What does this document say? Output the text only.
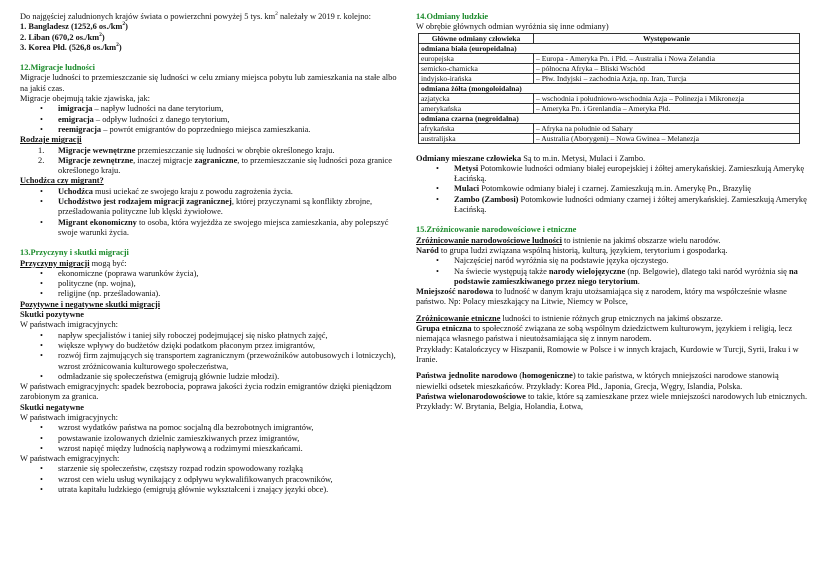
Do najgęściej zaludnionych krajów świata o powierzchni powyżej 5 tys. $km^2$ należały w 2019 r. kolejno:

1. Bangladesz (1252,6 $os./km^2$)

2. Liban (670,2 $os./km^2$)

3. Korea Płd. (526,8 $os./km^2$)

12.Migracje ludności

Migracje ludności to przemieszczanie się ludności w celu zmiany miejsca pobytu lub zamieszkania na stałe albo na jakiś czas.

Migracje obejmują takie zjawiska, jak:

• imigracja – napływ ludności na dane terytorium,
• emigracja – odpływ ludności z danego terytorium,
• reemigracja – powrót emigrantów do poprzedniego miejsca zamieszkania.

Rodzaje migracji

1. Migracje wewnętrzne przemieszczanie się ludności w obrębie określonego kraju.
2. Migracje zewnętrzne, inaczej migracje zagraniczne, to przemieszczanie się ludności poza granice określonego kraju.

Uchodźca czy migrant?

• Uchodźca musi uciekać ze swojego kraju z powodu zagrożenia życia.
• Uchodźstwo jest rodzajem migracji zagranicznej, której przyczynami są konflikty zbrojne, prześladowania polityczne lub klęski żywiołowe.
• Migrant ekonomiczny to osoba, która wyjeżdża ze swojego miejsca zamieszkania, aby polepszyć swoje warunki życia.

13.Przyczyny i skutki migracji

Przyczyny migracji mogą być:

• ekonomiczne (poprawa warunków życia),
• polityczne (np. wojna),
• religijne (np. prześladowania).

Pozytywne i negatywne skutki migracji

Skutki pozytywne

W państwach imigracyjnych:

• napływ specjalistów i taniej siły roboczej podejmującej się nisko płatnych zajęć,
• większe wpływy do budżetów dzięki podatkom płaconym przez imigrantów,
• rozwój firm zajmujących się transportem zagranicznym (przewoźników autobusowych i lotniczych), wzrost zróżnicowania kulturowego społeczeństwa,
• odmładzanie się społeczeństwa (emigrują głównie ludzie młodzi).

W państwach emigracyjnych: spadek bezrobocia, poprawa jakości życia rodzin emigrantów dzięki pieniądzom zarobionym za granica.

Skutki negatywne

W państwach imigracyjnych:

• wzrost wydatków państwa na pomoc socjalną dla bezrobotnych imigrantów,
• powstawanie izolowanych dzielnic zamieszkiwanych przez imigrantów,
• wzrost napięć między ludnością napływową a rodzimymi mieszkańcami.

W państwach emigracyjnych:

• starzenie się społeczeństw, częstszy rozpad rodzin spowodowany rozłąką
• wzrost cen wielu usług wynikający z odpływu wykwalifikowanych pracowników,
• utrata kapitału ludzkiego (emigrują głównie wykształceni i znający języki obce).

14.Odmiany ludzkie

W obrębie głównych odmian wyróżnia się inne odmiany)

Główne odmiany człowieka	Występowanie
odmiana biała (europeidalna)	
europejska	– Europa - Ameryka Pn. i Płd. – Australia i Nowa Zelandia
semicko-chamicka	– północna Afryka – Bliski Wschód
indyjsko-irańska	– Płw. Indyjski – zachodnia Azja, np. Iran, Turcja
odmiana żółta (mongoloidalna)	
azjatycka	– wschodnia i południowo-wschodnia Azja – Polinezja i Mikronezja
amerykańska	– Ameryka Pn. i Grenlandia – Ameryka Płd.
odmiana czarna (negroidalna)	
afrykańska	– Afryka na południe od Sahary
australijska	– Australia (Aborygeni) – Nowa Gwinea – Melanezja

Odmiany mieszane człowieka Są to m.in. Metysi, Mulaci i Zambo.

• Metysi Potomkowie ludności odmiany białej europejskiej i żółtej amerykańskiej. Zamieszkują Amerykę Łacińską.
• Mulaci Potomkowie odmiany białej i czarnej. Zamieszkują m.in. Amerykę Pn., Brazylię
• Zambo (Zambosi) Potomkowie ludności odmiany czarnej i żółtej amerykańskiej. Zamieszkują Amerykę Łacińską.

15.Zróżnicowanie narodowościowe i etniczne

Zróżnicowanie narodowościowe ludności to istnienie na jakimś obszarze wielu narodów.

Naród to grupa ludzi związana wspólną historią, kulturą, językiem, terytorium i gospodarką.

• Najczęściej naród wyróżnia się na podstawie języka ojczystego.
• Na świecie występują także narody wielojęzyczne (np. Belgowie), dlatego taki naród wyróżnia się na podstawie zamieszkiwanego przez niego terytorium.

Mniejszość narodowa to ludność w danym kraju utożsamiająca się z narodem, który ma współcześnie własne państwo. Np: Polacy mieszkający na Litwie, Niemcy w Polsce,

Zróżnicowanie etniczne ludności to istnienie różnych grup etnicznych na jakimś obszarze.

Grupa etniczna to społeczność związana ze sobą wspólnym dziedzictwem kulturowym, językiem i religią, lecz niemająca własnego państwa i nieutożsamiająca się z innym narodem.

Przykłady: Katalończycy w Hiszpanii, Romowie w Polsce i w innych krajach, Kurdowie w Turcji, Syrii, Iraku i w Iranie.

Państwa jednolite narodowo (homogeniczne) to takie państwa, w których mniejszości narodowe stanowią niewielki odsetek mieszkańców. Przykłady: Korea Płd., Japonia, Grecja, Węgry, Islandia, Polska.

Państwa wielonarodowościowe to takie, które są zamieszkane przez wiele mniejszości narodowych lub etnicznych. Przykłady: W. Brytania, Belgia, Holandia, Łotwa,
